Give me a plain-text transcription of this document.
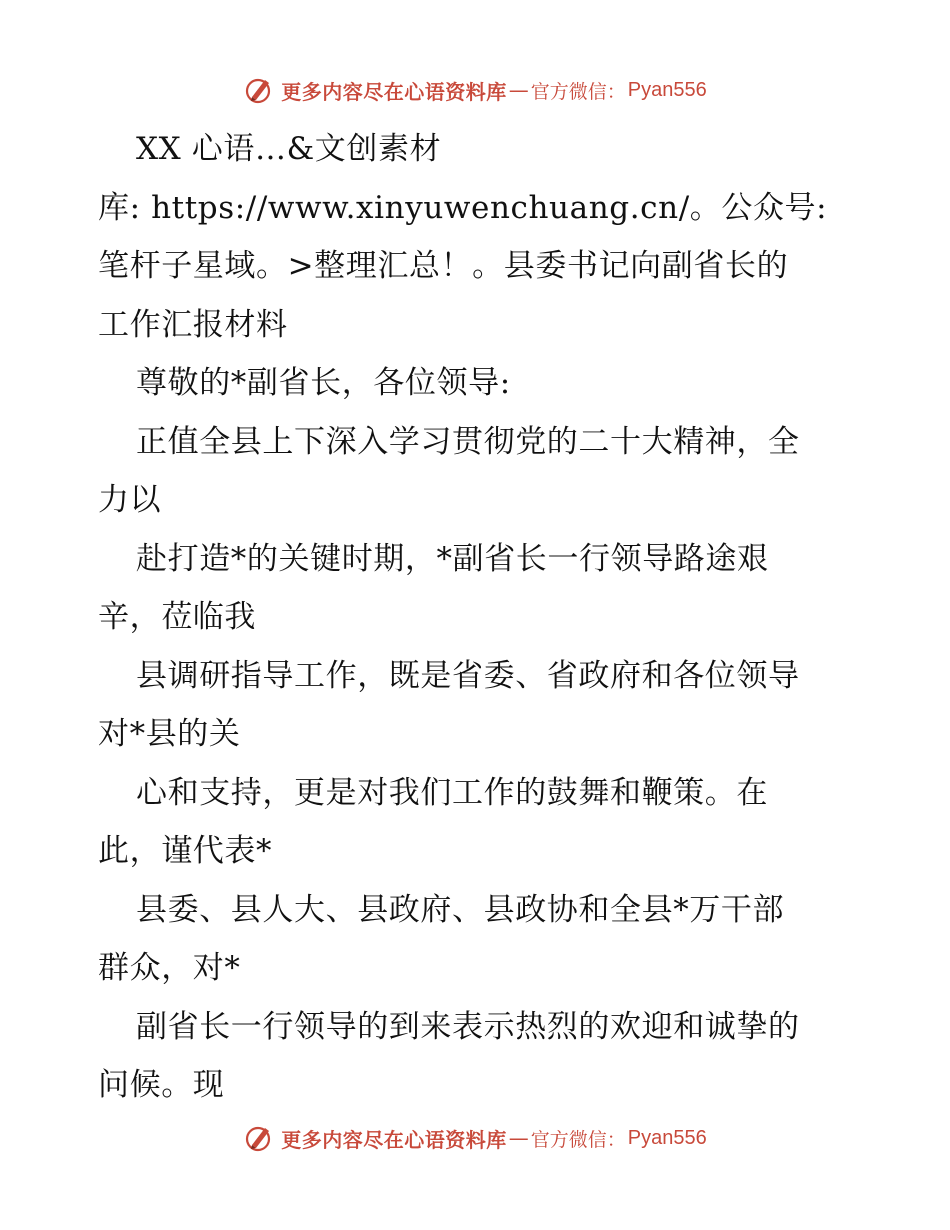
更多内容尽在心语资料库 — 官方微信： Pyan556
XX 心语…&文创素材
库: https://www.xinyuwenchuang.cn/。公众号:
笔杆子星域。>整理汇总！。县委书记向副省长的
工作汇报材料
尊敬的*副省长，各位领导:
正值全县上下深入学习贯彻党的二十大精神，全
力以
赴打造*的关键时期，*副省长一行领导路途艰
辛，莅临我
县调研指导工作，既是省委、省政府和各位领导
对*县的关
心和支持，更是对我们工作的鼓舞和鞭策。在
此，谨代表*
县委、县人大、县政府、县政协和全县*万干部
群众，对*
副省长一行领导的到来表示热烈的欢迎和诚挚的
问候。现
更多内容尽在心语资料库 — 官方微信： Pyan556
